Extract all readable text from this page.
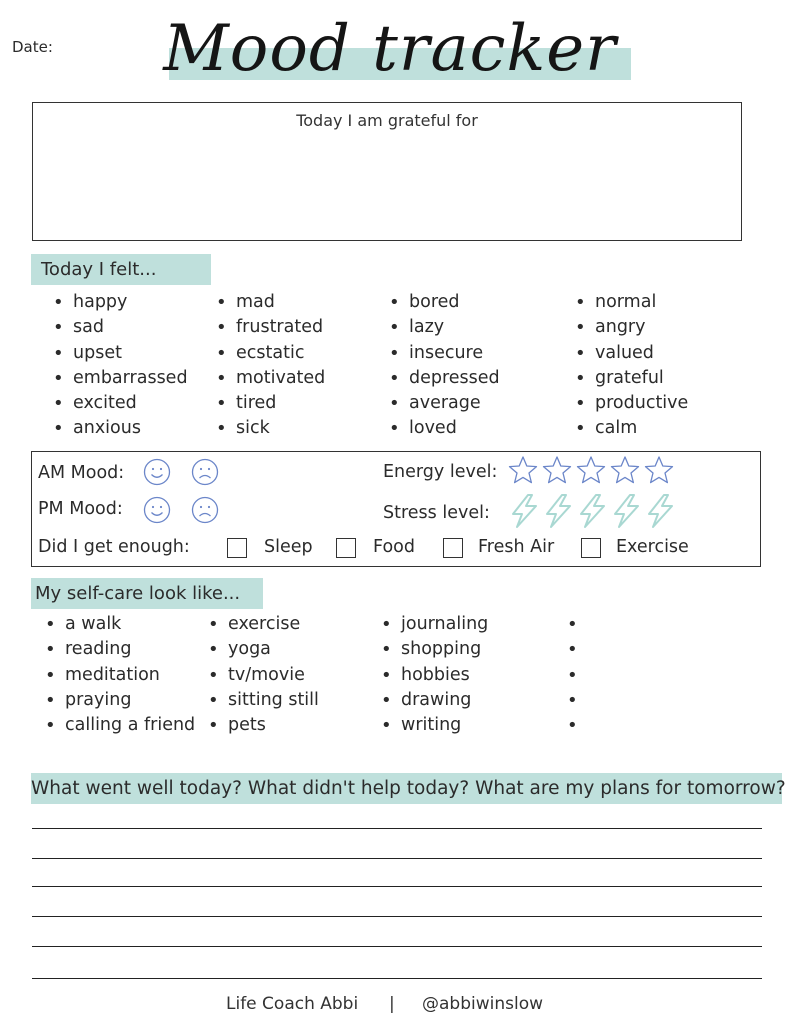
Date: Mood tracker
Today I am grateful for
Today I felt...
• happy
• sad
• upset
• embarrassed
• excited
• anxious
• mad
• frustrated
• ecstatic
• motivated
• tired
• sick
• bored
• lazy
• insecure
• depressed
• average
• loved
• normal
• angry
• valued
• grateful
• productive
• calm
AM Mood:
PM Mood:
Energy level:
Stress level:
Did I get enough:	Sleep	Food	Fresh Air	Exercise
My self-care look like...
• a walk
• reading
• meditation
• praying
• calling a friend
• exercise
• yoga
• tv/movie
• sitting still
• pets
• journaling
• shopping
• hobbies
• drawing
• writing
•
•
•
•
•
What went well today? What didn't help today? What are my plans for tomorrow?
Life Coach Abbi | @abbiwinslow
